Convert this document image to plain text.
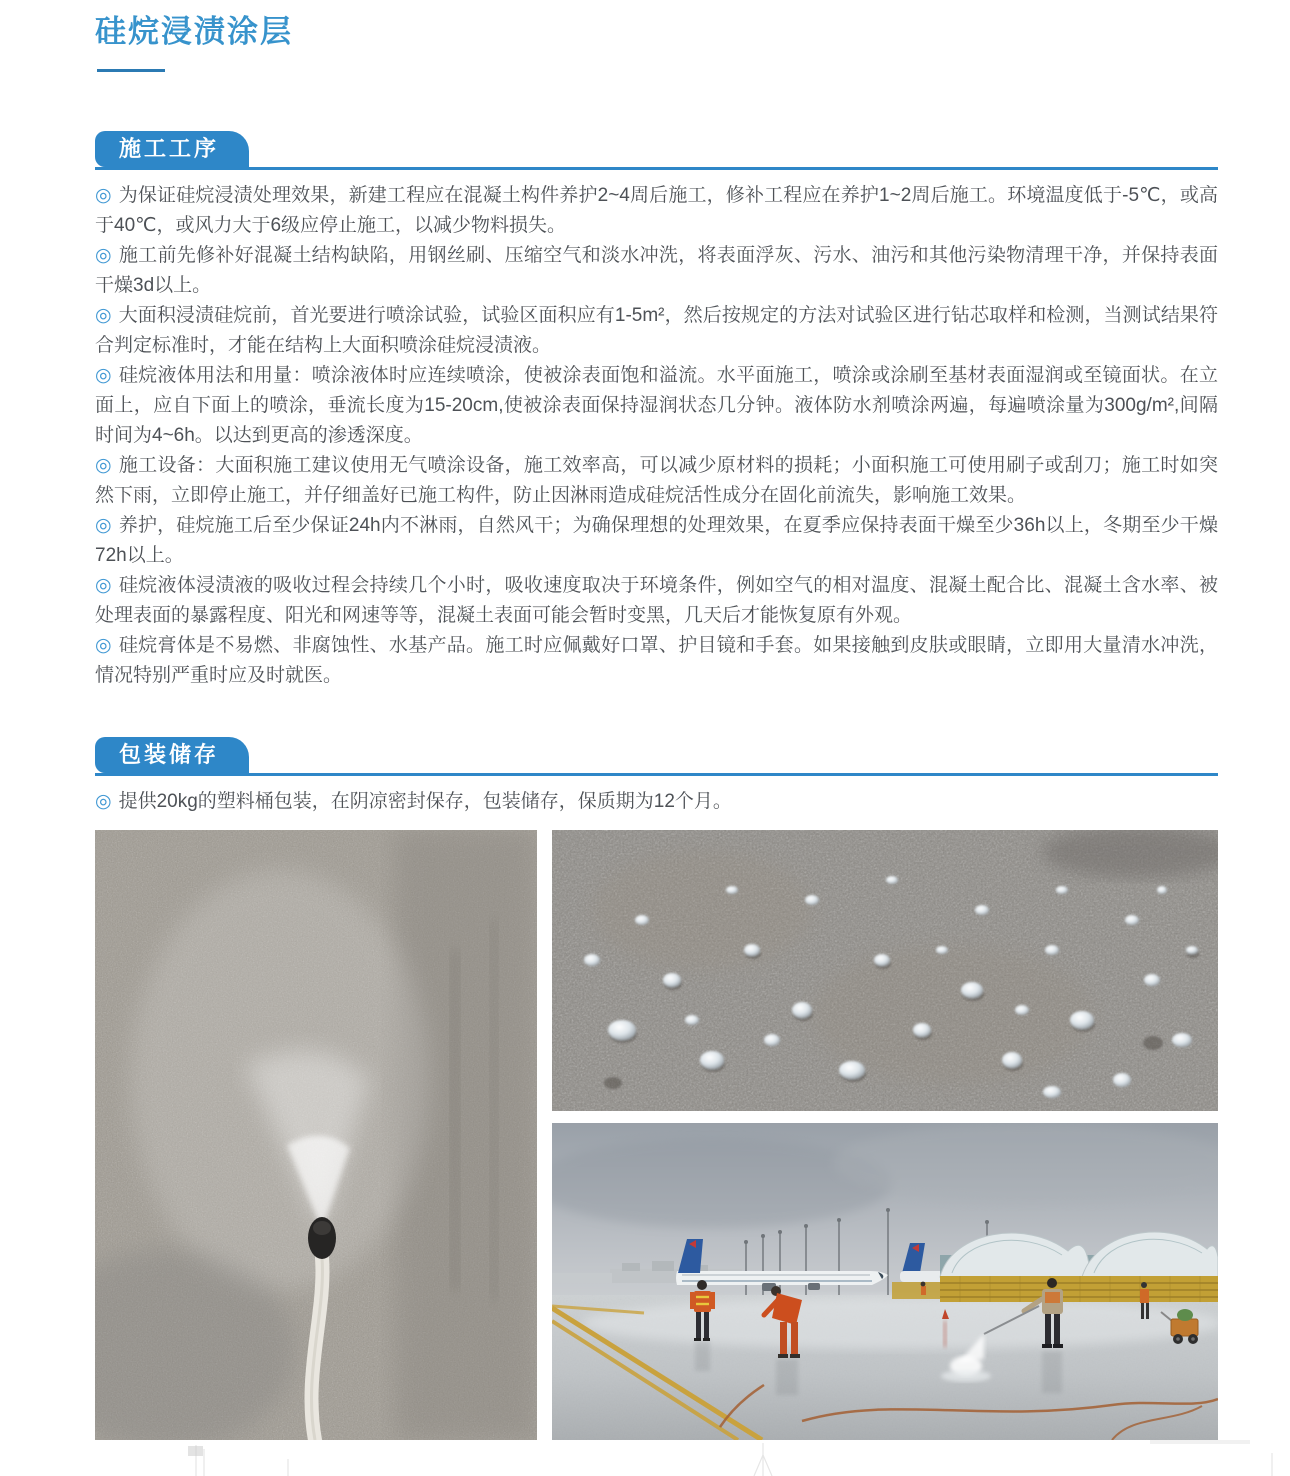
硅烷浸渍涂层
施工工序

◎ 为保证硅烷浸渍处理效果，新建工程应在混凝土构件养护2~4周后施工，修补工程应在养护1~2周后施工。环境温度低于-5℃，或高于40℃，或风力大于6级应停止施工，以减少物料损失。

◎ 施工前先修补好混凝土结构缺陷，用钢丝刷、压缩空气和淡水冲洗，将表面浮灰、污水、油污和其他污染物清理干净，并保持表面干燥3d以上。

◎ 大面积浸渍硅烷前，首光要进行喷涂试验，试验区面积应有1-5m²，然后按规定的方法对试验区进行钻芯取样和检测，当测试结果符合判定标准时，才能在结构上大面积喷涂硅烷浸渍液。

◎ 硅烷液体用法和用量：喷涂液体时应连续喷涂，使被涂表面饱和溢流。水平面施工，喷涂或涂刷至基材表面湿润或至镜面状。在立面上，应自下面上的喷涂，垂流长度为15-20cm,使被涂表面保持湿润状态几分钟。液体防水剂喷涂两遍，每遍喷涂量为300g/m²,间隔时间为4~6h。以达到更高的渗透深度。

◎ 施工设备：大面积施工建议使用无气喷涂设备，施工效率高，可以减少原材料的损耗；小面积施工可使用刷子或刮刀；施工时如突然下雨，立即停止施工，并仔细盖好已施工构件，防止因淋雨造成硅烷活性成分在固化前流失，影响施工效果。

◎ 养护，硅烷施工后至少保证24h内不淋雨，自然风干；为确保理想的处理效果，在夏季应保持表面干燥至少36h以上，冬期至少干燥72h以上。

◎ 硅烷液体浸渍液的吸收过程会持续几个小时，吸收速度取决于环境条件，例如空气的相对温度、混凝土配合比、混凝土含水率、被处理表面的暴露程度、阳光和网速等等，混凝土表面可能会暂时变黑，几天后才能恢复原有外观。

◎ 硅烷膏体是不易燃、非腐蚀性、水基产品。施工时应佩戴好口罩、护目镜和手套。如果接触到皮肤或眼睛，立即用大量清水冲洗，情况特别严重时应及时就医。

包装储存

◎ 提供20kg的塑料桶包装，在阴凉密封保存，包装储存，保质期为12个月。
